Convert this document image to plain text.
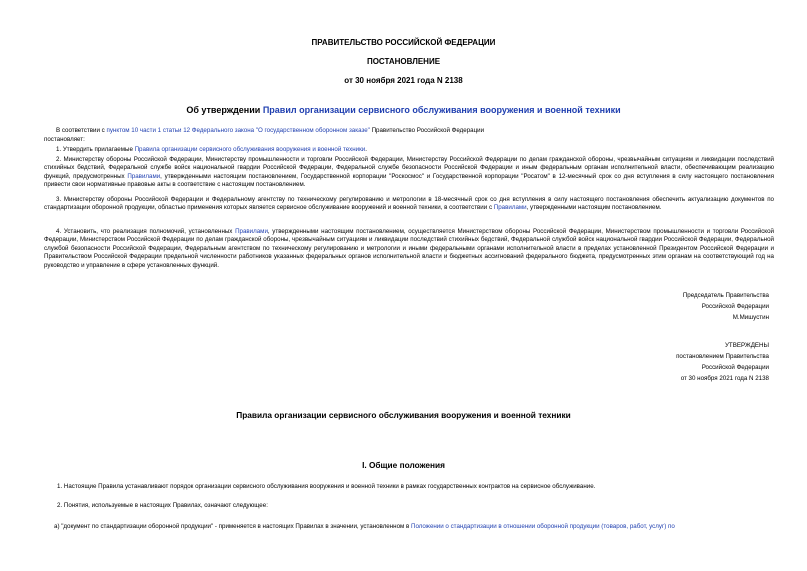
ПРАВИТЕЛЬСТВО РОССИЙСКОЙ ФЕДЕРАЦИИ
ПОСТАНОВЛЕНИЕ
от 30 ноября 2021 года N 2138
Об утверждении Правил организации сервисного обслуживания вооружения и военной техники
В соответствии с пунктом 10 части 1 статьи 12 Федерального закона "О государственном оборонном заказе" Правительство Российской Федерации
постановляет:
1. Утвердить прилагаемые Правила организации сервисного обслуживания вооружения и военной техники.
2. Министерству обороны Российской Федерации, Министерству промышленности и торговли Российской Федерации, Министерству Российской Федерации по делам гражданской обороны, чрезвычайным ситуациям и ликвидации последствий стихийных бедствий, Федеральной службе войск национальной гвардии Российской Федерации, Федеральной службе безопасности Российской Федерации и иным федеральным органам исполнительной власти, обеспечивающим реализацию функций, предусмотренных Правилами, утвержденными настоящим постановлением, Государственной корпорации "Роскосмос" и Государственной корпорации "Росатом" в 12-месячный срок со дня вступления в силу настоящего постановления привести свои нормативные правовые акты в соответствие с настоящим постановлением.
3. Министерству обороны Российской Федерации и Федеральному агентству по техническому регулированию и метрологии в 18-месячный срок со дня вступления в силу настоящего постановления обеспечить актуализацию документов по стандартизации оборонной продукции, областью применения которых является сервисное обслуживание вооружений и военной техники, в соответствии с Правилами, утвержденными настоящим постановлением.
4. Установить, что реализация полномочий, установленных Правилами, утвержденными настоящим постановлением, осуществляется Министерством обороны Российской Федерации, Министерством промышленности и торговли Российской Федерации, Министерством Российской Федерации по делам гражданской обороны, чрезвычайным ситуациям и ликвидации последствий стихийных бедствий, Федеральной службой войск национальной гвардии Российской Федерации, Федеральной службой безопасности Российской Федерации, Федеральным агентством по техническому регулированию и метрологии и иными федеральными органами исполнительной власти в пределах установленной Президентом Российской Федерации и Правительством Российской Федерации предельной численности работников указанных федеральных органов исполнительной власти и бюджетных ассигнований федерального бюджета, предусмотренных этим органам на соответствующий год на руководство и управление в сфере установленных функций.
Председатель Правительства
Российской Федерации
М.Мишустин
УТВЕРЖДЕНЫ
постановлением Правительства
Российской Федерации
от 30 ноября 2021 года N 2138
Правила организации сервисного обслуживания вооружения и военной техники
I. Общие положения
1. Настоящие Правила устанавливают порядок организации сервисного обслуживания вооружения и военной техники в рамках государственных контрактов на сервисное обслуживание.
2. Понятия, используемые в настоящих Правилах, означают следующее:
а) "документ по стандартизации оборонной продукции" - применяется в настоящих Правилах в значении, установленном в Положении о стандартизации в отношении оборонной продукции (товаров, работ, услуг) по
